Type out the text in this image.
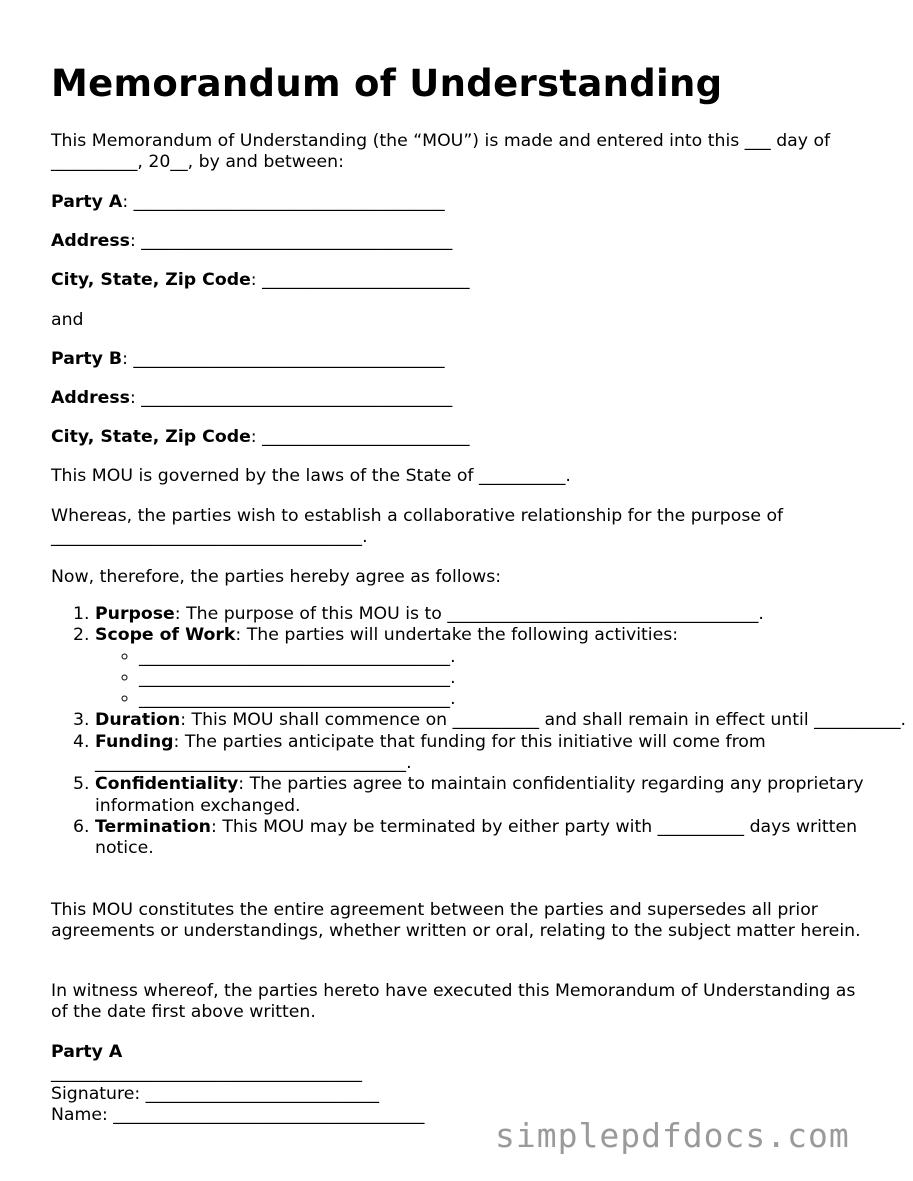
Memorandum of Understanding
This Memorandum of Understanding (the “MOU”) is made and entered into this ___ day of
__________, 20__, by and between:
Party A: ____________________________________
Address: ____________________________________
City, State, Zip Code: ________________________
and
Party B: ____________________________________
Address: ____________________________________
City, State, Zip Code: ________________________
This MOU is governed by the laws of the State of __________.
Whereas, the parties wish to establish a collaborative relationship for the purpose of
____________________________________.
Now, therefore, the parties hereby agree as follows:
1. Purpose: The purpose of this MOU is to ____________________________________.
2. Scope of Work: The parties will undertake the following activities:
◦ ____________________________________.
◦ ____________________________________.
◦ ____________________________________.
3. Duration: This MOU shall commence on __________ and shall remain in effect until __________.
4. Funding: The parties anticipate that funding for this initiative will come from ____________________________________.
5. Confidentiality: The parties agree to maintain confidentiality regarding any proprietary information exchanged.
6. Termination: This MOU may be terminated by either party with __________ days written notice.
This MOU constitutes the entire agreement between the parties and supersedes all prior agreements or understandings, whether written or oral, relating to the subject matter herein.
In witness whereof, the parties hereto have executed this Memorandum of Understanding as of the date first above written.
Party A
____________________________________
Signature: ___________________________
Name: ____________________________________
simplepdfdocs.com
